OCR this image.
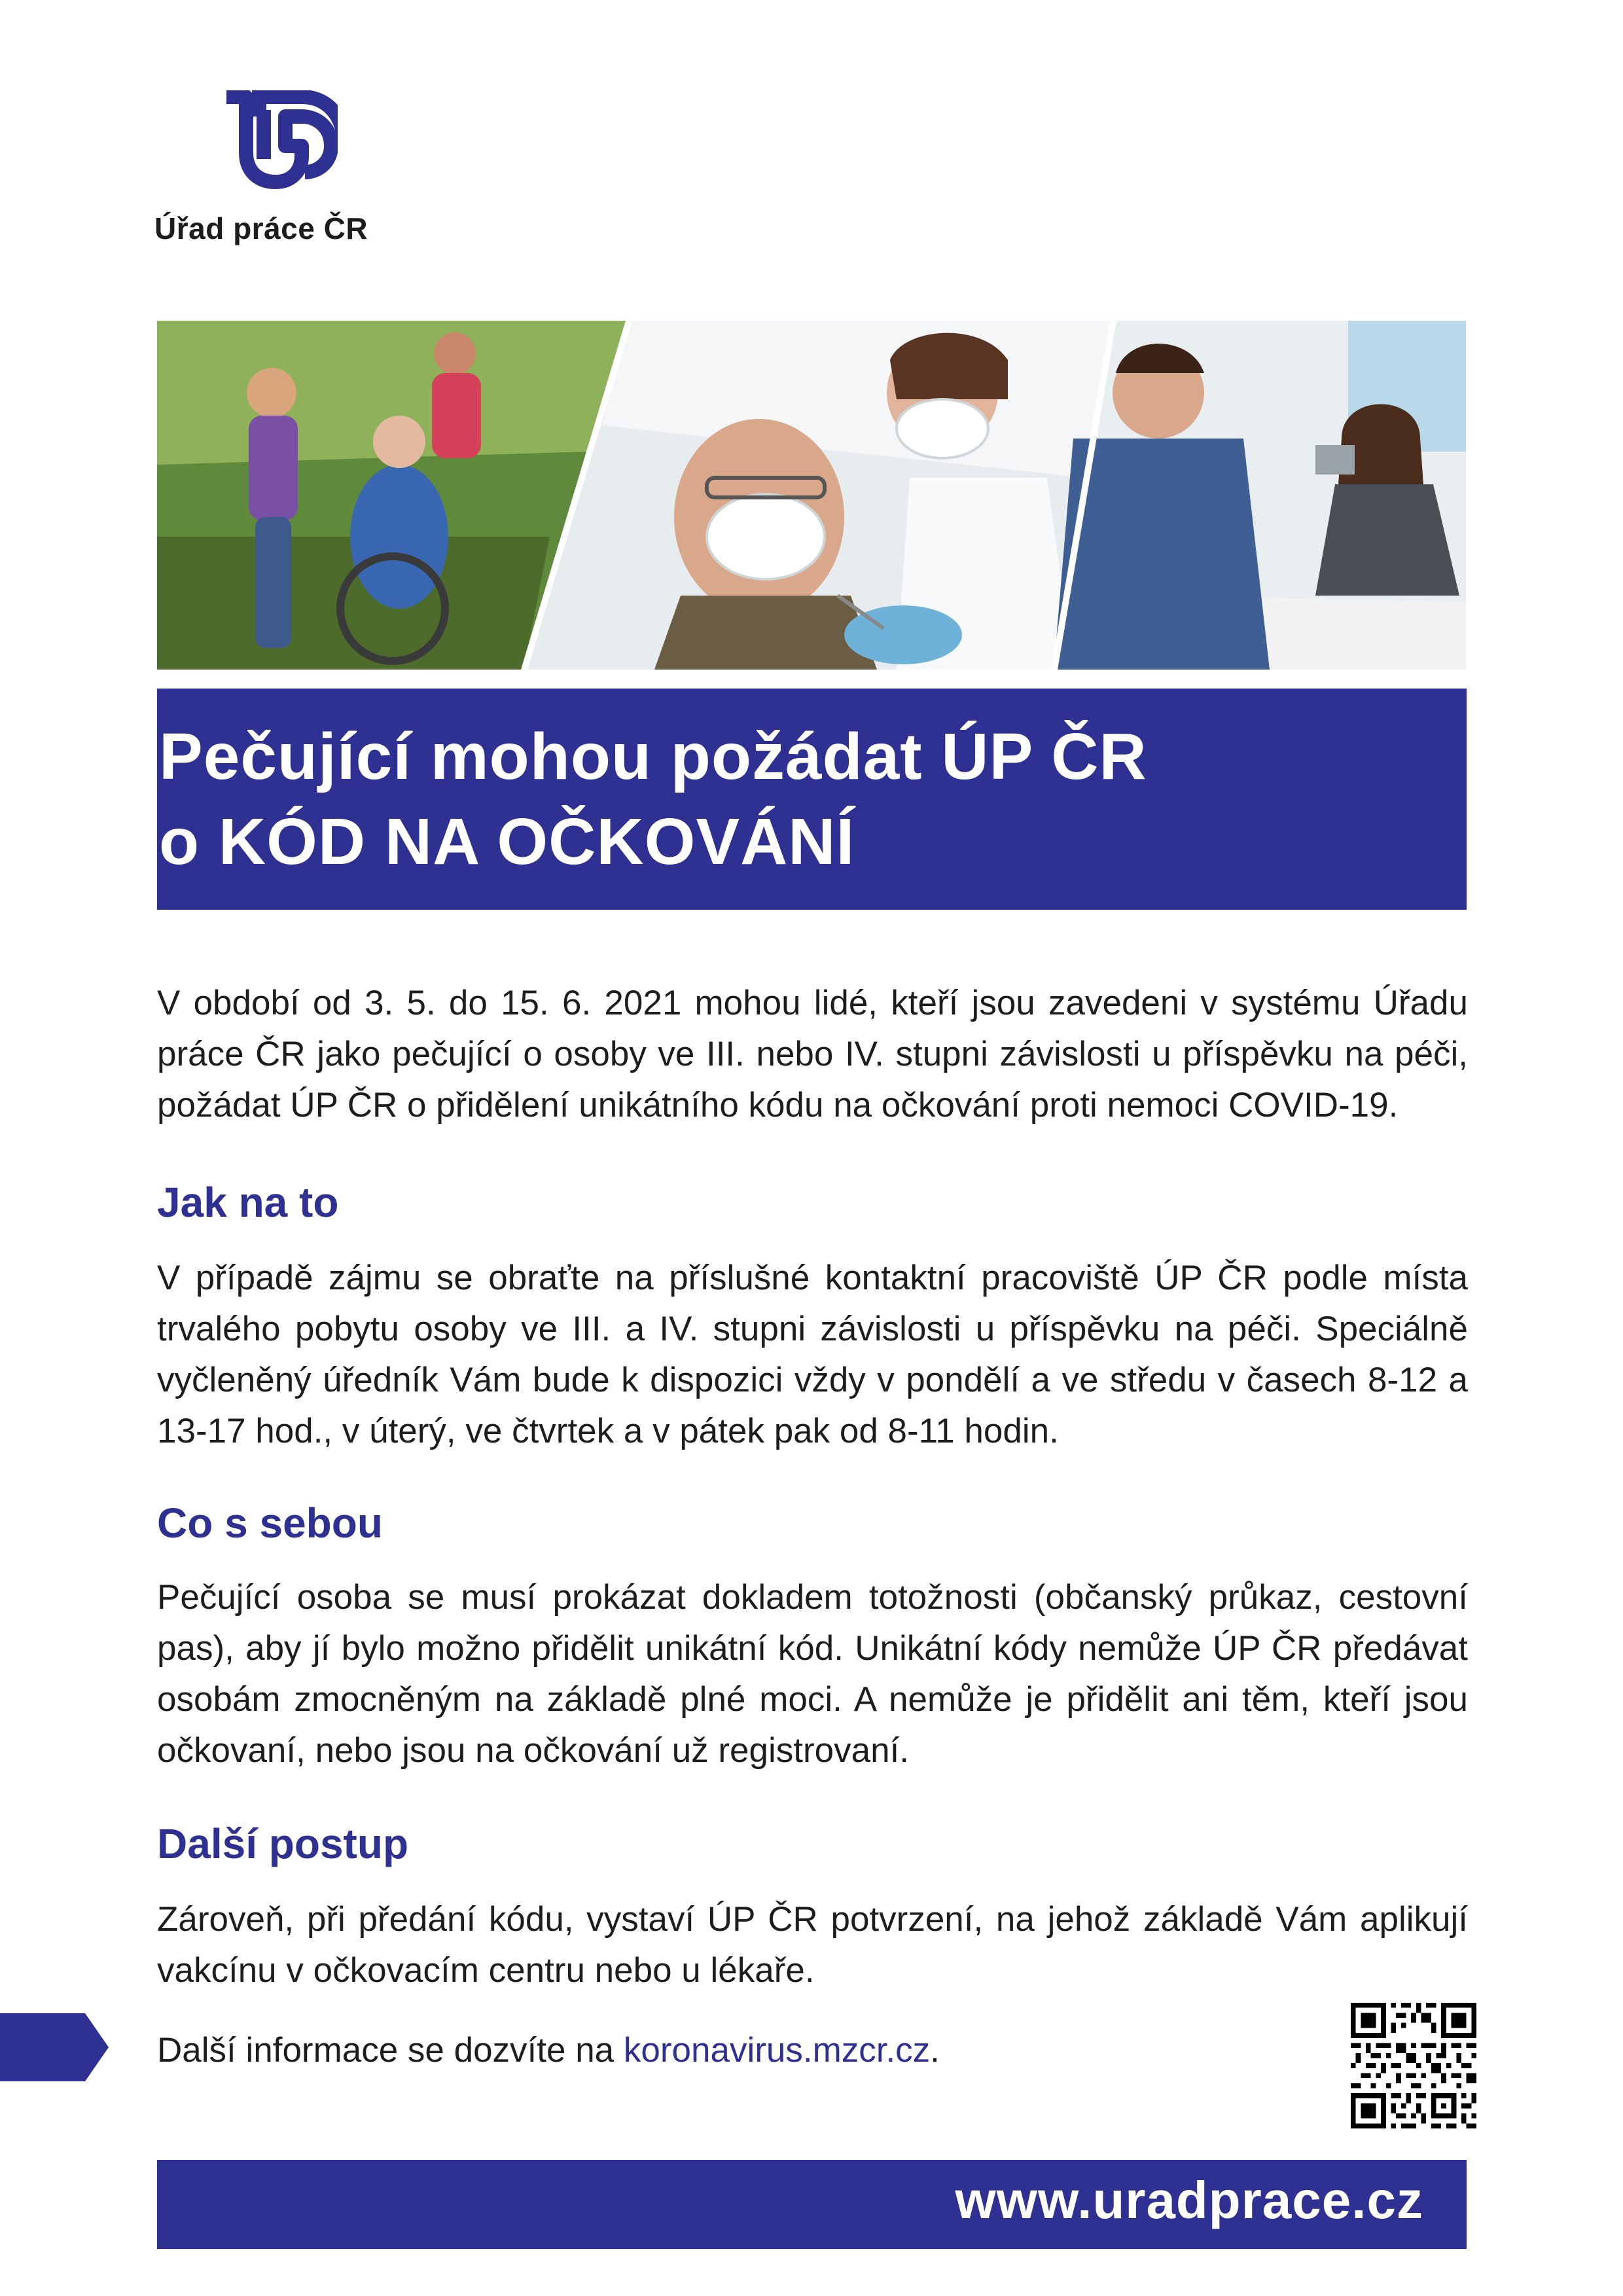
Úřad práce ČR
Pečující mohou požádat ÚP ČR
o KÓD NA OČKOVÁNÍ
V období od 3. 5. do 15. 6. 2021 mohou lidé, kteří jsou zavedeni v systému Úřadu práce ČR jako pečující o osoby ve III. nebo IV. stupni závislosti u příspěvku na péči, požádat ÚP ČR o přidělení unikátního kódu na očkování proti nemoci COVID-19.
Jak na to
V případě zájmu se obraťte na příslušné kontaktní pracoviště ÚP ČR podle místa trvalého pobytu osoby ve III. a IV. stupni závislosti u příspěvku na péči. Speciálně vyčleněný úředník Vám bude k dispozici vždy v pondělí a ve středu v časech 8‐12 a 13‐17 hod., v úterý, ve čtvrtek a v pátek pak od 8‐11 hodin.
Co s sebou
Pečující osoba se musí prokázat dokladem totožnosti (občanský průkaz, cestovní pas), aby jí bylo možno přidělit unikátní kód. Unikátní kódy nemůže ÚP ČR předávat osobám zmocněným na základě plné moci. A nemůže je přidělit ani těm, kteří jsou očkovaní, nebo jsou na očkování už registrovaní.
Další postup
Zároveň, při předání kódu, vystaví ÚP ČR potvrzení, na jehož základě Vám aplikují vakcínu v očkovacím centru nebo u lékaře.
Další informace se dozvíte na koronavirus.mzcr.cz.
www.uradprace.cz
